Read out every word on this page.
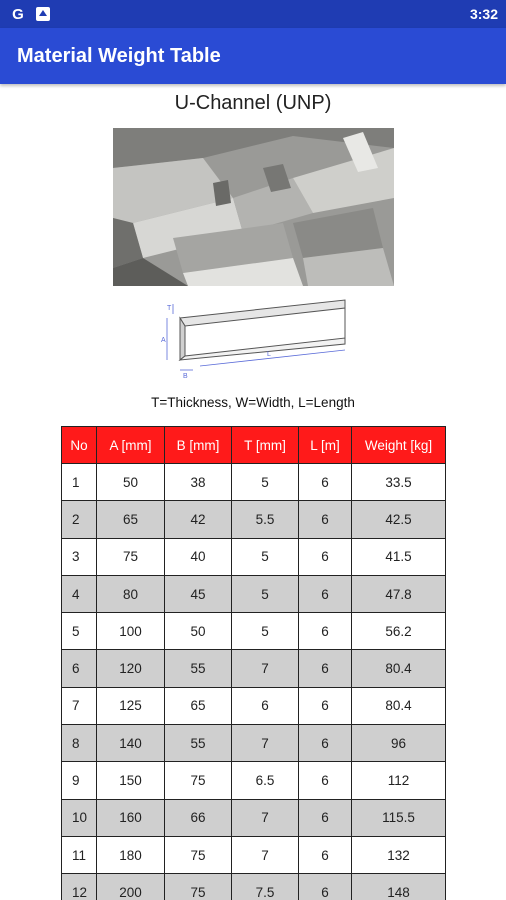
G	3:32
Material Weight Table
U-Channel (UNP)
A
T
B
L
T=Thickness, W=Width, L=Length
No	A [mm]	B [mm]	T [mm]	L [m]	Weight [kg]
1	50	38	5	6	33.5
2	65	42	5.5	6	42.5
3	75	40	5	6	41.5
4	80	45	5	6	47.8
5	100	50	5	6	56.2
6	120	55	7	6	80.4
7	125	65	6	6	80.4
8	140	55	7	6	96
9	150	75	6.5	6	112
10	160	66	7	6	115.5
11	180	75	7	6	132
12	200	75	7.5	6	148
